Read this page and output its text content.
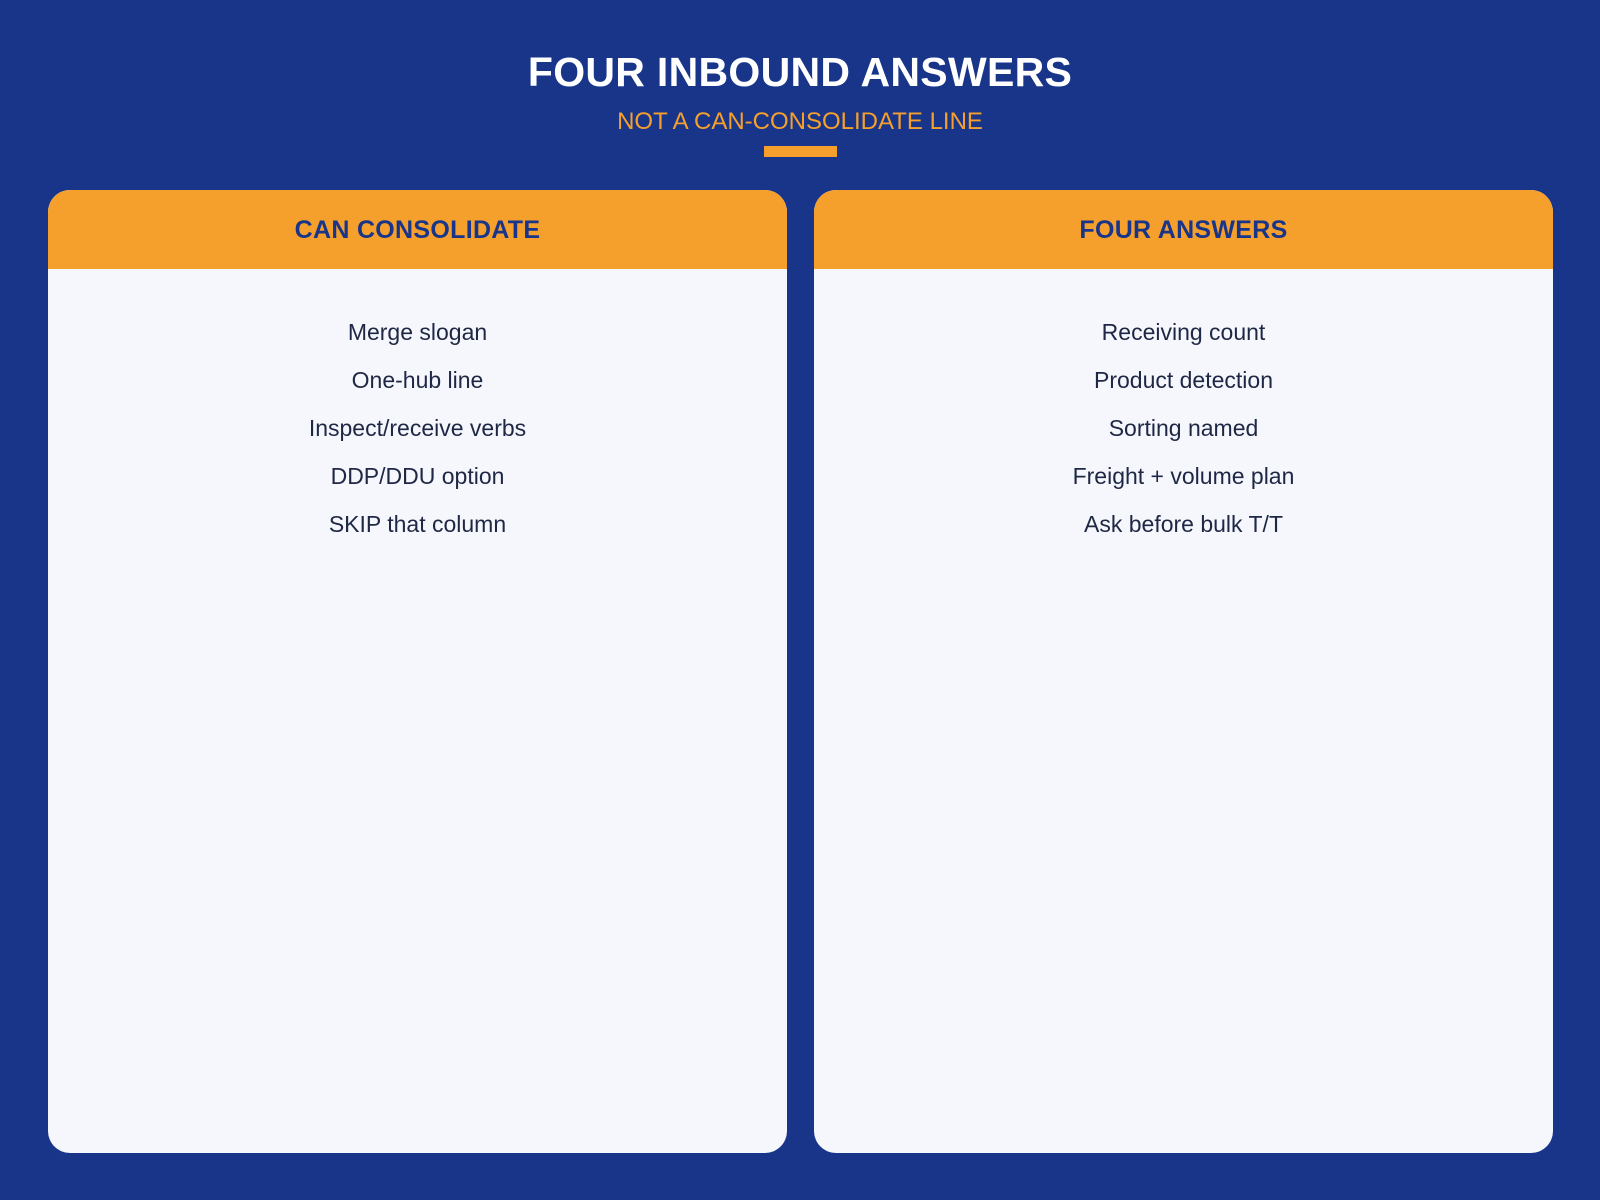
FOUR INBOUND ANSWERS
NOT A CAN-CONSOLIDATE LINE
CAN CONSOLIDATE
Merge slogan
One-hub line
Inspect/receive verbs
DDP/DDU option
SKIP that column
FOUR ANSWERS
Receiving count
Product detection
Sorting named
Freight + volume plan
Ask before bulk T/T
